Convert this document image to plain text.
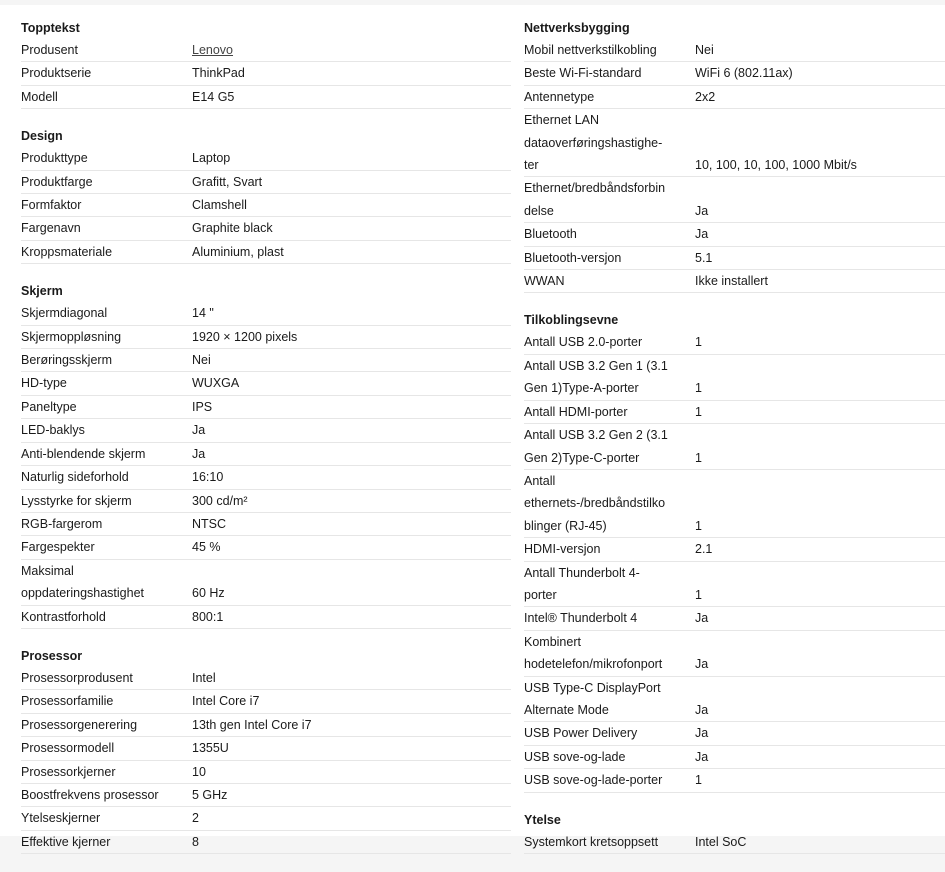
Topptekst
Produsent	Lenovo
Produktserie	ThinkPad
Modell	E14 G5
Design
Produkttype	Laptop
Produktfarge	Grafitt, Svart
Formfaktor	Clamshell
Fargenavn	Graphite black
Kroppsmateriale	Aluminium, plast
Skjerm
Skjermdiagonal	14 "
Skjermoppløsning	1920 × 1200 pixels
Berøringsskjerm	Nei
HD-type	WUXGA
Paneltype	IPS
LED-baklys	Ja
Anti-blendende skjerm	Ja
Naturlig sideforhold	16:10
Lysstyrke for skjerm	300 cd/m²
RGB-fargerom	NTSC
Fargespekter	45 %
Maksimal
oppdateringshastighet	60 Hz
Kontrastforhold	800:1
Prosessor
Prosessorprodusent	Intel
Prosessorfamilie	Intel Core i7
Prosessorgenerering	13th gen Intel Core i7
Prosessormodell	1355U
Prosessorkjerner	10
Boostfrekvens prosessor	5 GHz
Ytelseskjerner	2
Effektive kjerner	8
Nettverksbygging
Mobil nettverkstilkobling	Nei
Beste Wi-Fi-standard	WiFi 6 (802.11ax)
Antennetype	2x2
Ethernet LAN
dataoverføringshastighe-
ter	10, 100, 10, 100, 1000 Mbit/s
Ethernet/bredbåndsforbin
delse	Ja
Bluetooth	Ja
Bluetooth-versjon	5.1
WWAN	Ikke installert
Tilkoblingsevne
Antall USB 2.0-porter	1
Antall USB 3.2 Gen 1 (3.1
Gen 1)Type-A-porter	1
Antall HDMI-porter	1
Antall USB 3.2 Gen 2 (3.1
Gen 2)Type-C-porter	1
Antall
ethernets-/bredbåndstilko
blinger (RJ-45)	1
HDMI-versjon	2.1
Antall Thunderbolt 4-
porter	1
Intel® Thunderbolt 4	Ja
Kombinert
hodetelefon/mikrofonport	Ja
USB Type-C DisplayPort
Alternate Mode	Ja
USB Power Delivery	Ja
USB sove-og-lade	Ja
USB sove-og-lade-porter	1
Ytelse
Systemkort kretsoppsett	Intel SoC
